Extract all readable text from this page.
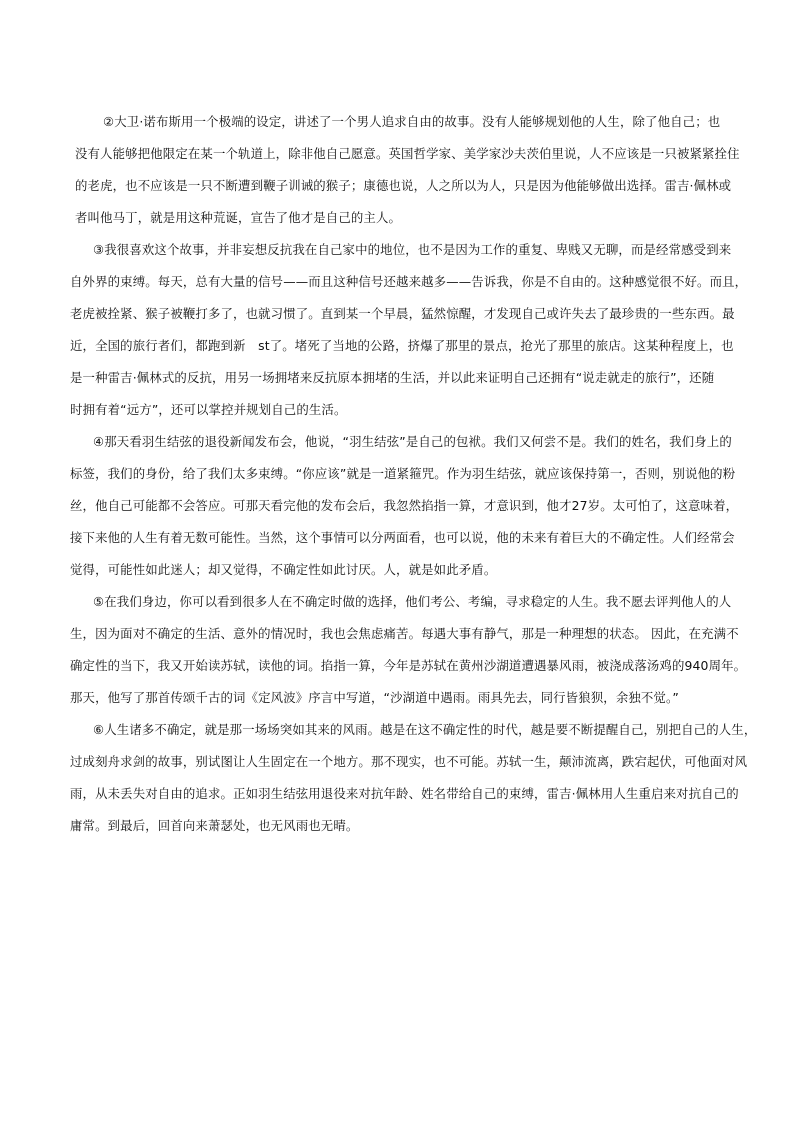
②大卫·诺布斯用一个极端的设定，讲述了一个男人追求自由的故事。没有人能够规划他的人生，除了他自己；也
没有人能够把他限定在某一个轨道上，除非他自己愿意。英国哲学家、美学家沙夫茨伯里说，人不应该是一只被紧紧拴住
的老虎，也不应该是一只不断遭到鞭子训诫的猴子；康德也说，人之所以为人，只是因为他能够做出选择。雷吉·佩林或
者叫他马丁，就是用这种荒诞，宣告了他才是自己的主人。
③我很喜欢这个故事，并非妄想反抗我在自己家中的地位，也不是因为工作的重复、卑贱又无聊，而是经常感受到来
自外界的束缚。每天，总有大量的信号——而且这种信号还越来越多——告诉我，你是不自由的。这种感觉很不好。而且，
老虎被拴紧、猴子被鞭打多了，也就习惯了。直到某一个早晨，猛然惊醒，才发现自己或许失去了最珍贵的一些东西。最
近，全国的旅行者们，都跑到新　st了。堵死了当地的公路，挤爆了那里的景点，抢光了那里的旅店。这某种程度上，也
是一种雷吉·佩林式的反抗，用另一场拥堵来反抗原本拥堵的生活，并以此来证明自己还拥有“说走就走的旅行”，还随
时拥有着“远方”，还可以掌控并规划自己的生活。
④那天看羽生结弦的退役新闻发布会，他说，“羽生结弦”是自己的包袱。我们又何尝不是。我们的姓名，我们身上的
标签，我们的身份，给了我们太多束缚。“你应该”就是一道紧箍咒。作为羽生结弦，就应该保持第一，否则，别说他的粉
丝，他自己可能都不会答应。可那天看完他的发布会后，我忽然掐指一算，才意识到，他才27岁。太可怕了，这意味着，
接下来他的人生有着无数可能性。当然，这个事情可以分两面看，也可以说，他的未来有着巨大的不确定性。人们经常会
觉得，可能性如此迷人；却又觉得，不确定性如此讨厌。人，就是如此矛盾。
⑤在我们身边，你可以看到很多人在不确定时做的选择，他们考公、考编，寻求稳定的人生。我不愿去评判他人的人
生，因为面对不确定的生活、意外的情况时，我也会焦虑痛苦。每遇大事有静气，那是一种理想的状态。 因此，在充满不
确定性的当下，我又开始读苏轼，读他的词。掐指一算，今年是苏轼在黄州沙湖道遭遇暴风雨，被浇成落汤鸡的940周年。
那天，他写了那首传颂千古的词《定风波》序言中写道，“沙湖道中遇雨。雨具先去，同行皆狼狈，余独不觉。”
⑥人生诸多不确定，就是那一场场突如其来的风雨。越是在这不确定性的时代，越是要不断提醒自己，别把自己的人生，
过成刻舟求剑的故事，别试图让人生固定在一个地方。那不现实，也不可能。苏轼一生，颠沛流离，跌宕起伏，可他面对风
雨，从未丢失对自由的追求。正如羽生结弦用退役来对抗年龄、姓名带给自己的束缚，雷吉·佩林用人生重启来对抗自己的
庸常。到最后，回首向来萧瑟处，也无风雨也无晴。
